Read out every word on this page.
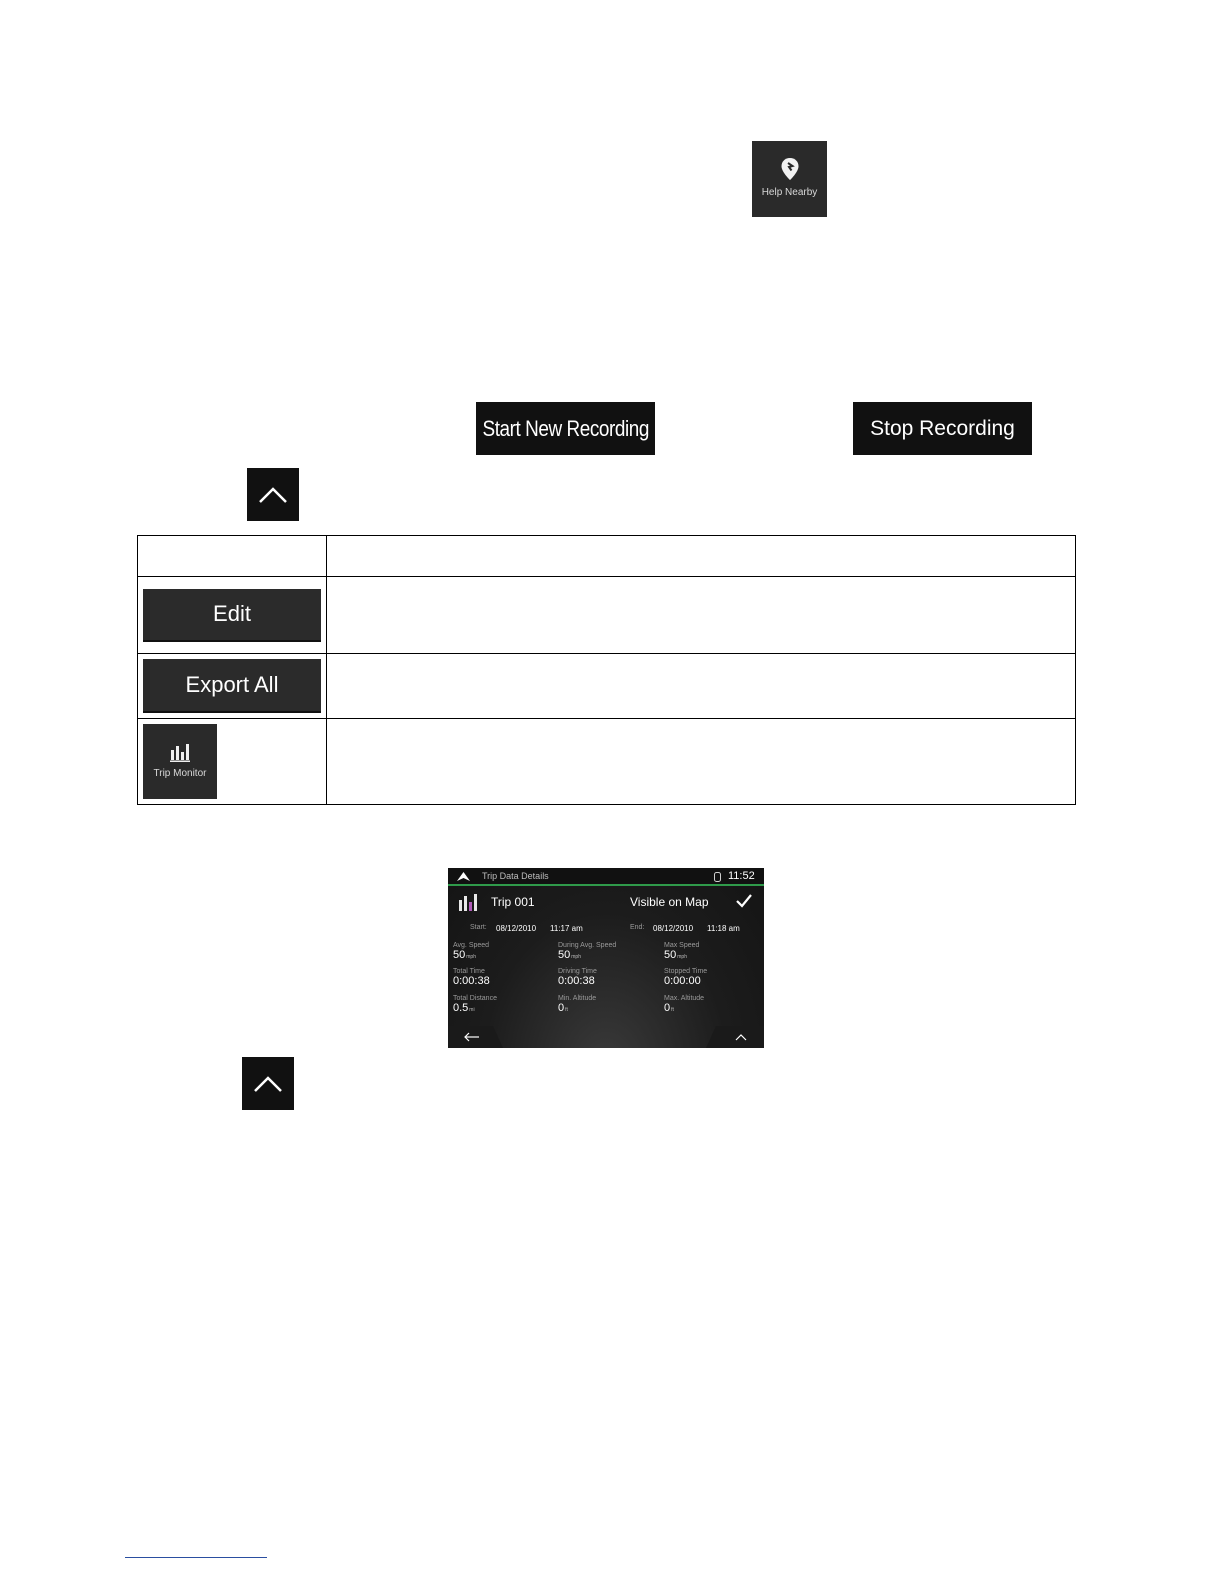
Help Nearby
Start New Recording	Stop Recording

Edit	

Export All	

Trip Monitor	

Trip Data Details	11:52
Trip 001	Visible on Map
Start: 08/12/2010 11:17 am	End: 08/12/2010 11:18 am
Avg. Speed
50mph
During Avg. Speed
50mph
Max Speed
50mph
Total Time
0:00:38
Driving Time
0:00:38
Stopped Time
0:00:00
Total Distance
0.5mi
Min. Altitude
0ft
Max. Altitude
0ft
